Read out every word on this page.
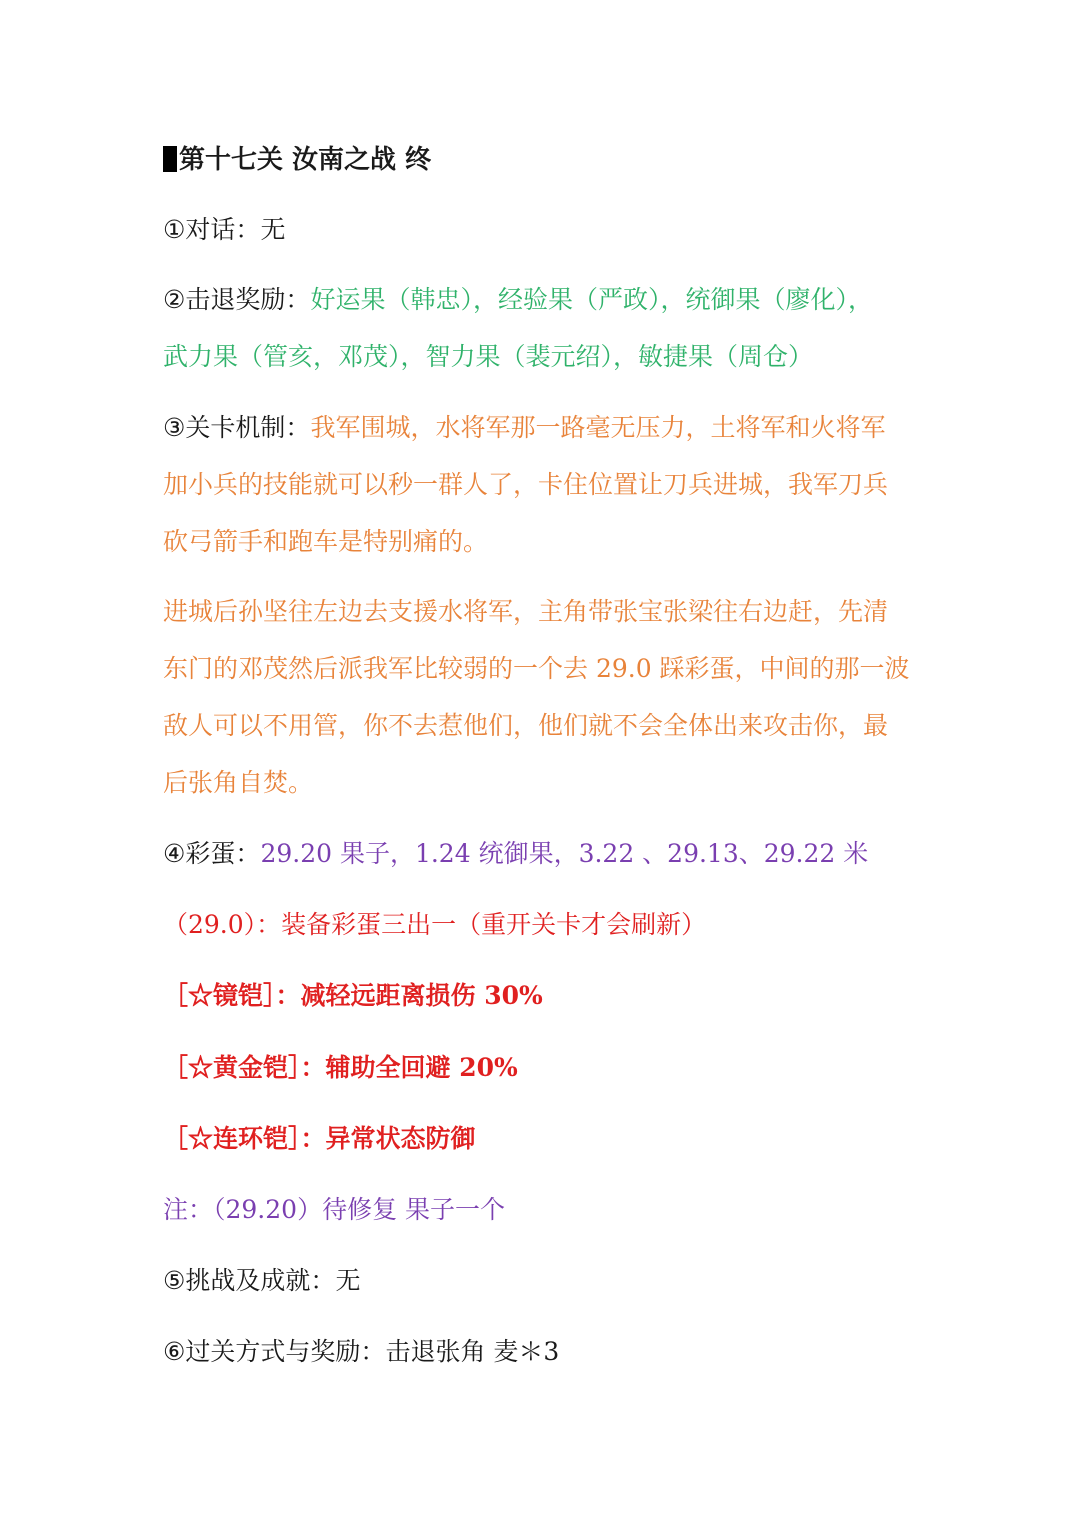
第十七关 汝南之战 终
①对话：无
②击退奖励：好运果（韩忠），经验果（严政），统御果（廖化），
武力果（管亥，邓茂），智力果（裴元绍），敏捷果（周仓）
③关卡机制：我军围城，水将军那一路毫无压力，土将军和火将军
加小兵的技能就可以秒一群人了，卡住位置让刀兵进城，我军刀兵
砍弓箭手和跑车是特别痛的。
进城后孙坚往左边去支援水将军，主角带张宝张梁往右边赶，先清
东门的邓茂然后派我军比较弱的一个去 29.0 踩彩蛋，中间的那一波
敌人可以不用管，你不去惹他们，他们就不会全体出来攻击你，最
后张角自焚。
④彩蛋：29.20 果子，1.24 统御果，3.22 、29.13、29.22 米
（29.0）：装备彩蛋三出一（重开关卡才会刷新）
［☆镜铠］：减轻远距离损伤 30%
［☆黄金铠］：辅助全回避 20%
［☆连环铠］：异常状态防御
注：（29.20）待修复 果子一个
⑤挑战及成就：无
⑥过关方式与奖励：击退张角 麦＊3
